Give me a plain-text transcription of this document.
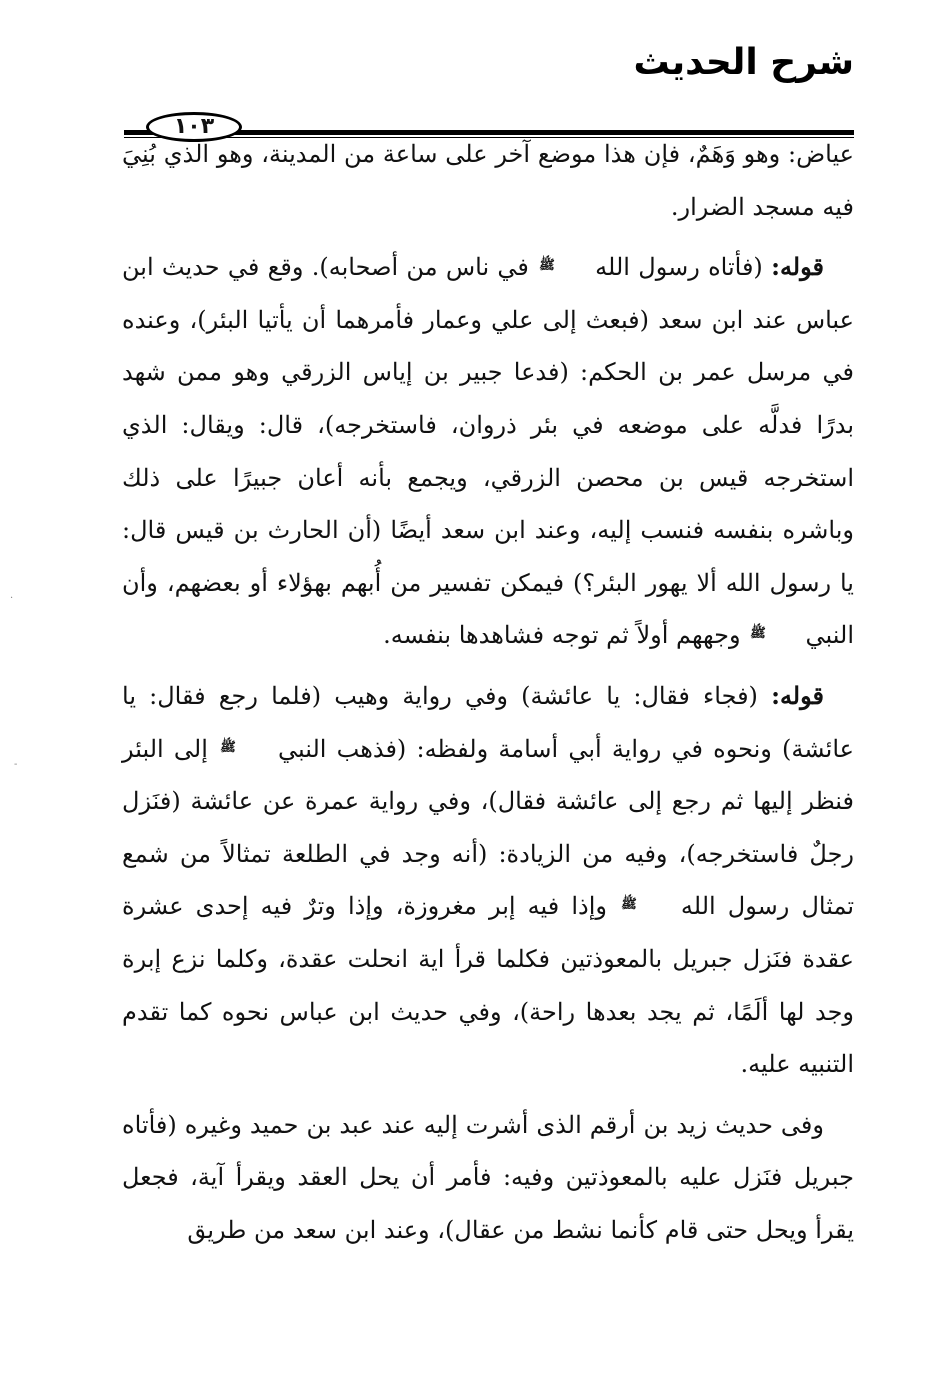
شرح الحديث
١٠٣

عياض: وهو وَهَمٌ، فإن هذا موضع آخر على ساعة من المدينة، وهو الذي بُنِيَ فيه مسجد الضرار.

قوله: (فأتاه رسول الله ﷺ في ناس من أصحابه). وقع في حديث ابن عباس عند ابن سعد (فبعث إلى علي وعمار فأمرهما أن يأتيا البئر)، وعنده في مرسل عمر بن الحكم: (فدعا جبير بن إياس الزرقي وهو ممن شهد بدرًا فدلَّه على موضعه في بئر ذروان، فاستخرجه)، قال: ويقال: الذي استخرجه قيس بن محصن الزرقي، ويجمع بأنه أعان جبيرًا على ذلك وباشره بنفسه فنسب إليه، وعند ابن سعد أيضًا (أن الحارث بن قيس قال: يا رسول الله ألا يهور البئر؟) فيمكن تفسير من أُبهم بهؤلاء أو بعضهم، وأن النبي ﷺ وجههم أولاً ثم توجه فشاهدها بنفسه.

قوله: (فجاء فقال: يا عائشة) وفي رواية وهيب (فلما رجع فقال: يا عائشة) ونحوه في رواية أبي أسامة ولفظه: (فذهب النبي ﷺ إلى البئر فنظر إليها ثم رجع إلى عائشة فقال)، وفي رواية عمرة عن عائشة (فنَزل رجلٌ فاستخرجه)، وفيه من الزيادة: (أنه وجد في الطلعة تمثالاً من شمع تمثال رسول الله ﷺ وإذا فيه إبر مغروزة، وإذا وترٌ فيه إحدى عشرة عقدة فنَزل جبريل بالمعوذتين فكلما قرأ اية انحلت عقدة، وكلما نزع إبرة وجد لها ألَمًا، ثم يجد بعدها راحة)، وفي حديث ابن عباس نحوه كما تقدم التنبيه عليه.

وفى حديث زيد بن أرقم الذى أشرت إليه عند عبد بن حميد وغيره (فأتاه جبريل فنَزل عليه بالمعوذتين وفيه: فأمر أن يحل العقد ويقرأ آية، فجعل يقرأ ويحل حتى قام كأنما نشط من عقال)، وعند ابن سعد من طريق

·
-
